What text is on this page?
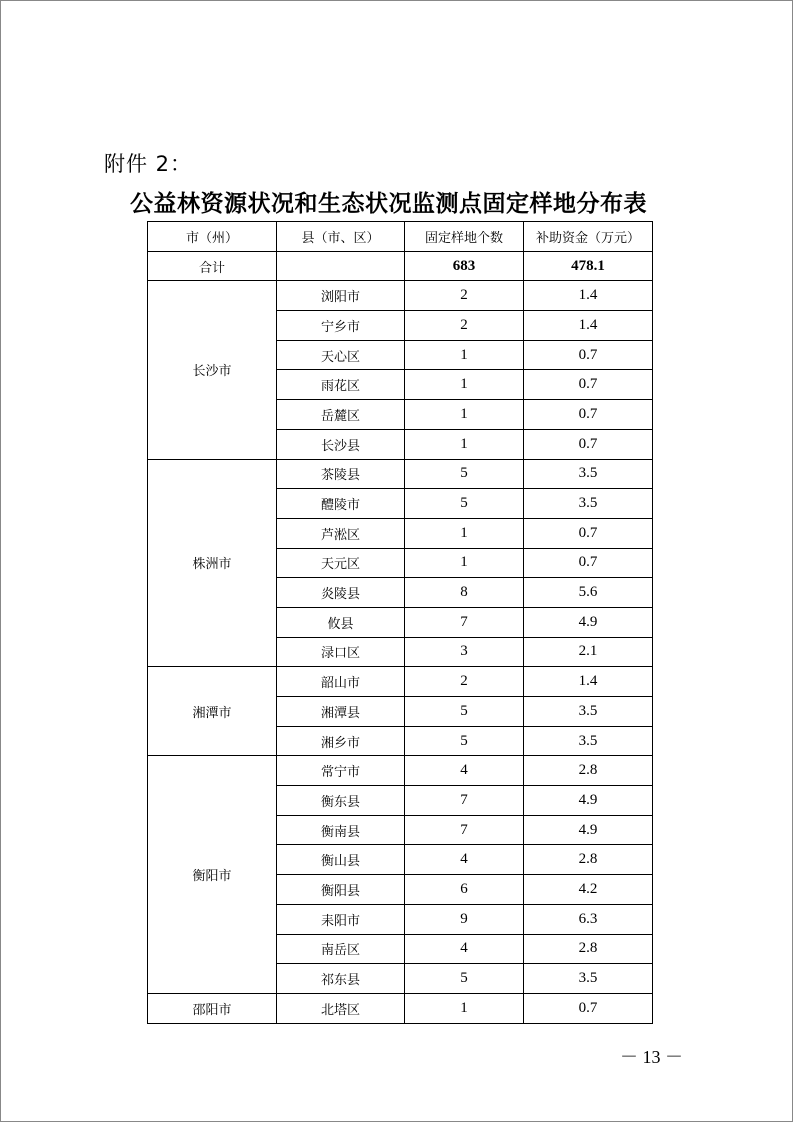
附件 2：
公益林资源状况和生态状况监测点固定样地分布表
市（州）	县（市、区）	固定样地个数	补助资金（万元）
合计		683	478.1
长沙市	浏阳市	2	1.4
	宁乡市	2	1.4
	天心区	1	0.7
	雨花区	1	0.7
	岳麓区	1	0.7
	长沙县	1	0.7
株洲市	茶陵县	5	3.5
	醴陵市	5	3.5
	芦淞区	1	0.7
	天元区	1	0.7
	炎陵县	8	5.6
	攸县	7	4.9
	渌口区	3	2.1
湘潭市	韶山市	2	1.4
	湘潭县	5	3.5
	湘乡市	5	3.5
衡阳市	常宁市	4	2.8
	衡东县	7	4.9
	衡南县	7	4.9
	衡山县	4	2.8
	衡阳县	6	4.2
	耒阳市	9	6.3
	南岳区	4	2.8
	祁东县	5	3.5
邵阳市	北塔区	1	0.7
－ 13 －
